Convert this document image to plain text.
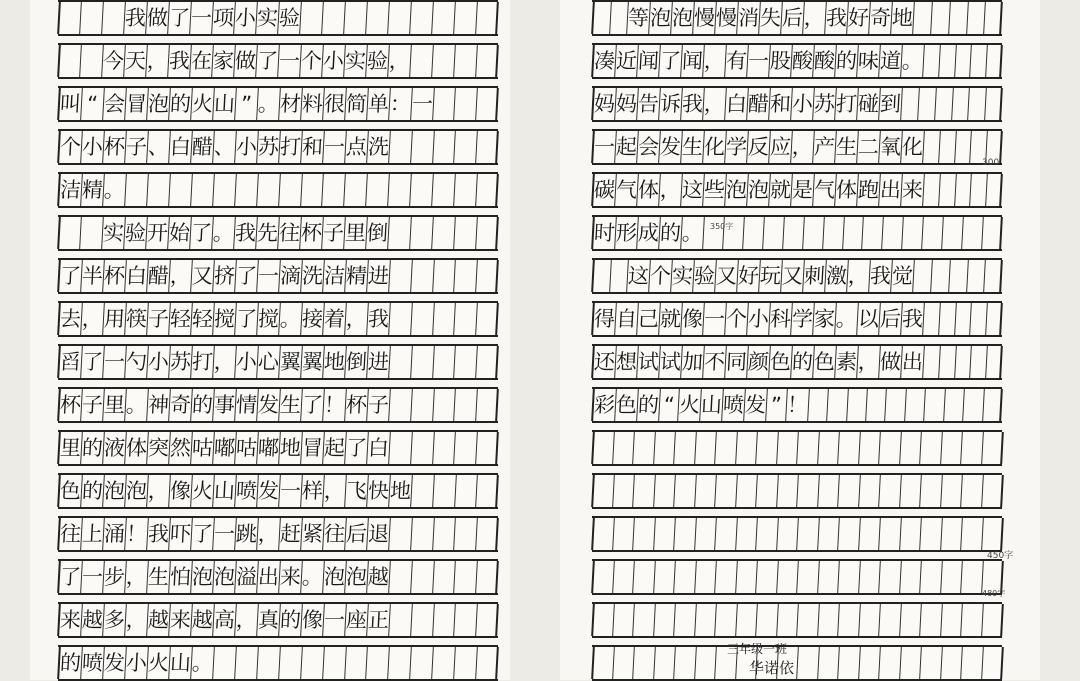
我 做 了 一 项 小 实 验
今 天 ， 我 在 家 做 了 一 个 小 实 验 ，
叫 “ 会 冒 泡 的 火 山 ” 。 材 料 很 简 单 ： 一
个 小 杯 子 、 白 醋 、 小 苏 打 和 一 点 洗
洁 精 。
实 验 开 始 了 。 我 先 往 杯 子 里 倒
了 半 杯 白 醋 ， 又 挤 了 一 滴 洗 洁 精 进
去 ， 用 筷 子 轻 轻 搅 了 搅 。 接 着 ， 我
舀 了 一 勺 小 苏 打 ， 小 心 翼 翼 地 倒 进
杯 子 里 。 神 奇 的 事 情 发 生 了 ！ 杯 子
里 的 液 体 突 然 咕 嘟 咕 嘟 地 冒 起 了 白
色 的 泡 泡 ， 像 火 山 喷 发 一 样 ， 飞 快 地
往 上 涌 ！ 我 吓 了 一 跳 ， 赶 紧 往 后 退
了 一 步 ， 生 怕 泡 泡 溢 出 来 。 泡 泡 越
来 越 多 ， 越 来 越 高 ， 真 的 像 一 座 正
的 喷 发 小 火 山 。
等 泡 泡 慢 慢 消 失 后 ， 我 好 奇 地
凑 近 闻 了 闻 ， 有 一 股 酸 酸 的 味 道 。
妈 妈 告 诉 我 ， 白 醋 和 小 苏 打 碰 到
一 起 会 发 生 化 学 反 应 ， 产 生 二 氧 化
碳 气 体 ， 这 些 泡 泡 就 是 气 体 跑 出 来
时 形 成 的 。
这 个 实 验 又 好 玩 又 刺 激 ， 我 觉
得 自 己 就 像 一 个 小 科 学 家 。 以 后 我
还 想 试 试 加 不 同 颜 色 的 色 素 ， 做 出
彩 色 的 “ 火 山 喷 发 ” ！
300
350字
450字
480字
三年级一班
华诺依
